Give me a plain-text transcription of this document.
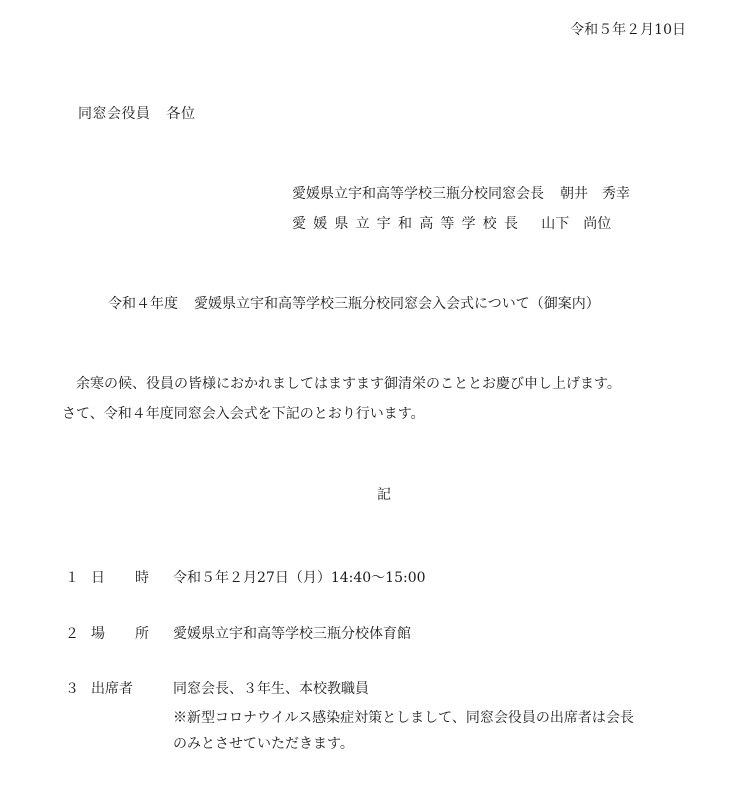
令和５年２月10日
同窓会役員 各位
愛媛県立宇和高等学校三瓶分校同窓会長 朝井　秀幸
愛媛県立宇和高等学校長 山下　尚位
令和４年度 愛媛県立宇和高等学校三瓶分校同窓会入会式について（御案内）
　余寒の候、役員の皆様におかれましてはますます御清栄のこととお慶び申し上げます。
さて、令和４年度同窓会入会式を下記のとおり行います。
記
１ 日　時 令和５年２月27日（月）14:40～15:00
２ 場　所 愛媛県立宇和高等学校三瓶分校体育館
３ 出席者	同窓会長、３年生、本校教職員
※新型コロナウイルス感染症対策としまして、同窓会役員の出席者は会長
のみとさせていただきます。
